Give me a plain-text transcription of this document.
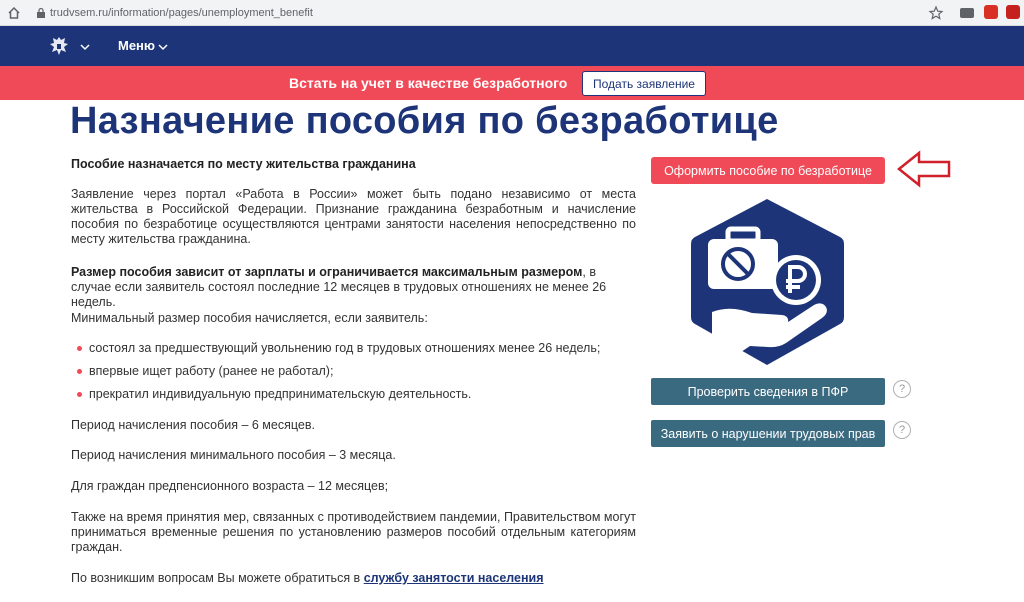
trudvsem.ru/information/pages/unemployment_benefit
Меню
Встать на учет в качестве безработного	Подать заявление
Назначение пособия по безработице

Пособие назначается по месту жительства гражданина

Заявление через портал «Работа в России» может быть подано независимо от места жительства в Российской Федерации. Признание гражданина безработным и начисление пособия по безработице осуществляются центрами занятости населения непосредственно по месту жительства гражданина.

Размер пособия зависит от зарплаты и ограничивается максимальным размером, в случае если заявитель состоял последние 12 месяцев в трудовых отношениях не менее 26 недель.

Минимальный размер пособия начисляется, если заявитель:

состоял за предшествующий увольнению год в трудовых отношениях менее 26 недель;
впервые ищет работу (ранее не работал);
прекратил индивидуальную предпринимательскую деятельность.

Период начисления пособия – 6 месяцев.

Период начисления минимального пособия – 3 месяца.

Для граждан предпенсионного возраста – 12 месяцев;

Также на время принятия мер, связанных с противодействием пандемии, Правительством могут приниматься временные решения по установлению размеров пособий отдельным категориям граждан.

По возникшим вопросам Вы можете обратиться в службу занятости населения

Оформить пособие по безработице
Проверить сведения в ПФР	?
Заявить о нарушении трудовых прав	?
